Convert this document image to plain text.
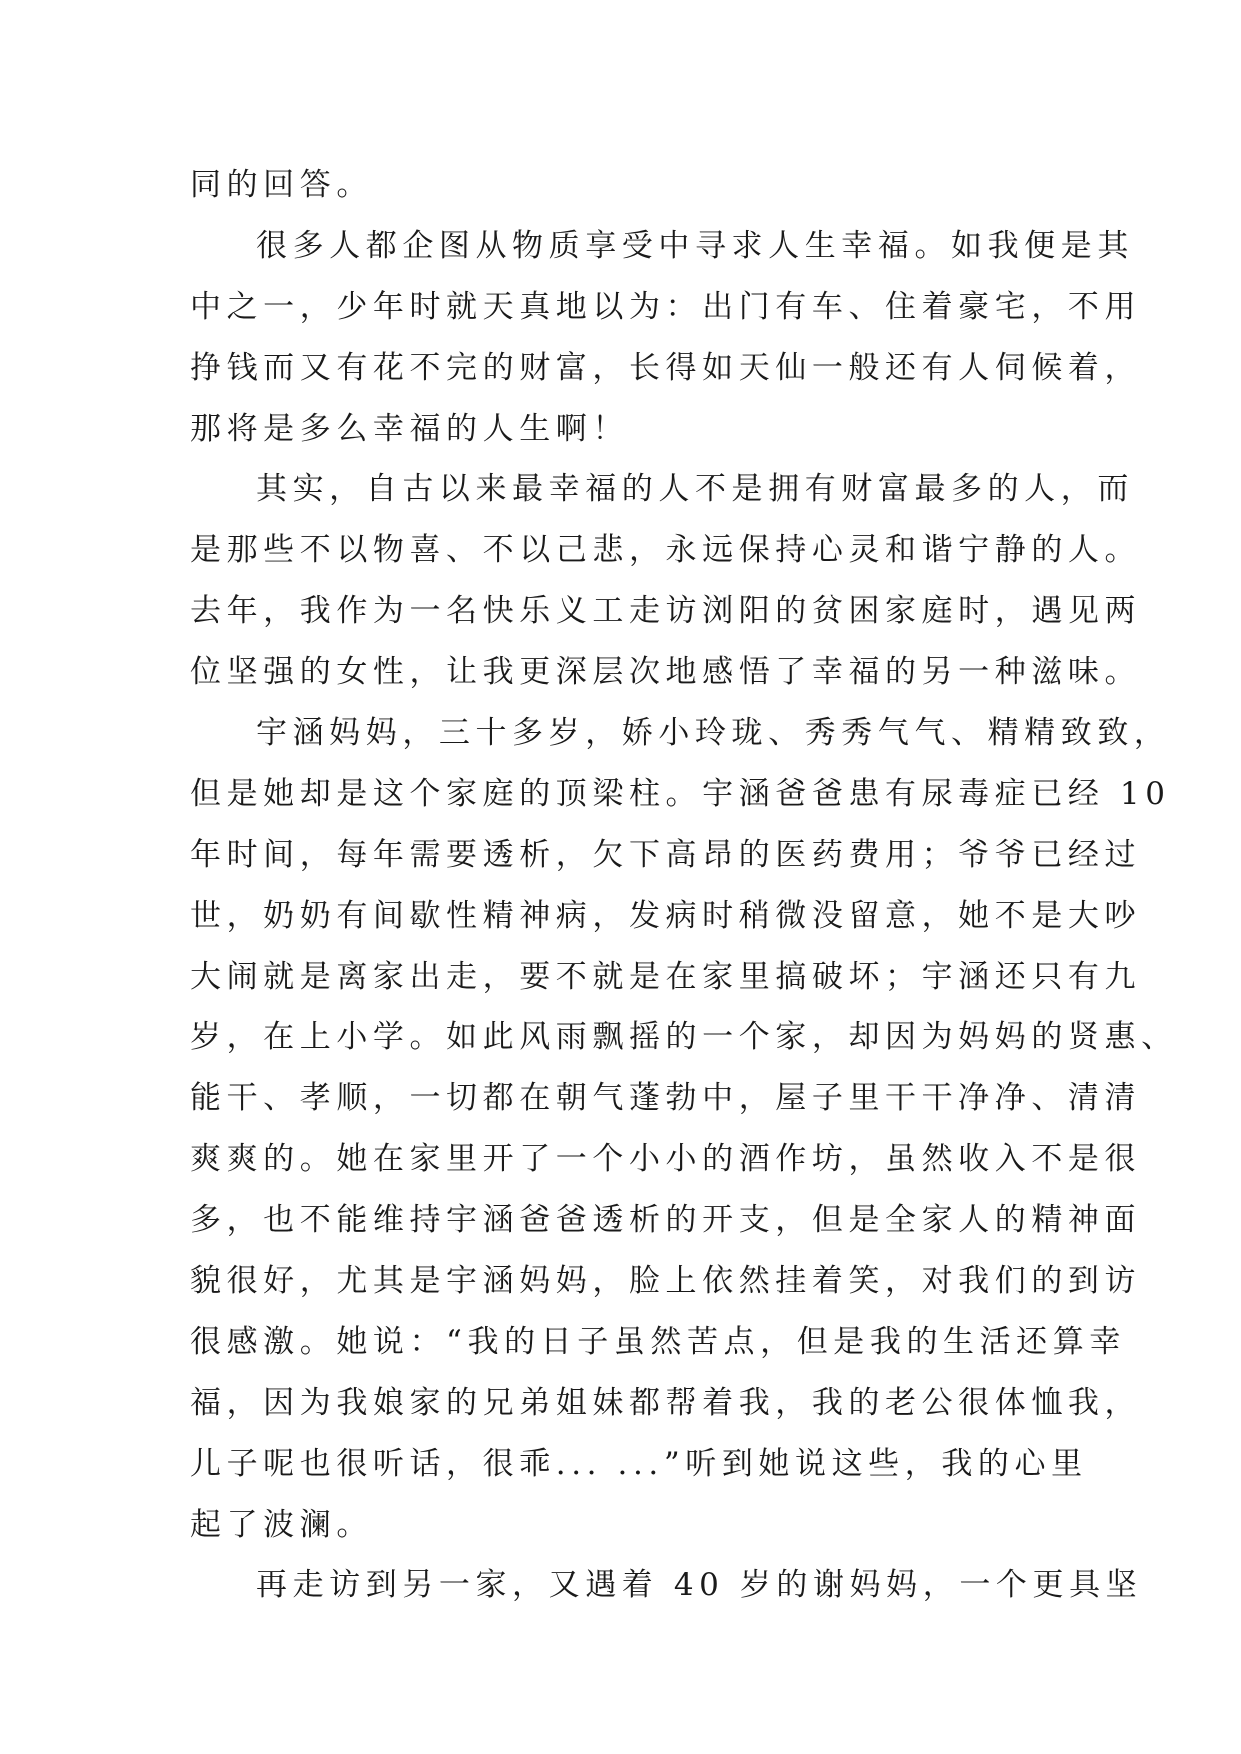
同的回答。
很多人都企图从物质享受中寻求人生幸福。如我便是其
中之一，少年时就天真地以为：出门有车、住着豪宅，不用
挣钱而又有花不完的财富，长得如天仙一般还有人伺候着，
那将是多么幸福的人生啊！
其实，自古以来最幸福的人不是拥有财富最多的人，而
是那些不以物喜、不以己悲，永远保持心灵和谐宁静的人。
去年，我作为一名快乐义工走访浏阳的贫困家庭时，遇见两
位坚强的女性，让我更深层次地感悟了幸福的另一种滋味。
宇涵妈妈，三十多岁，娇小玲珑、秀秀气气、精精致致，
但是她却是这个家庭的顶梁柱。宇涵爸爸患有尿毒症已经 10
年时间，每年需要透析，欠下高昂的医药费用；爷爷已经过
世，奶奶有间歇性精神病，发病时稍微没留意，她不是大吵
大闹就是离家出走，要不就是在家里搞破坏；宇涵还只有九
岁，在上小学。如此风雨飘摇的一个家，却因为妈妈的贤惠、
能干、孝顺，一切都在朝气蓬勃中，屋子里干干净净、清清
爽爽的。她在家里开了一个小小的酒作坊，虽然收入不是很
多，也不能维持宇涵爸爸透析的开支，但是全家人的精神面
貌很好，尤其是宇涵妈妈，脸上依然挂着笑，对我们的到访
很感激。她说：“我的日子虽然苦点，但是我的生活还算幸
福，因为我娘家的兄弟姐妹都帮着我，我的老公很体恤我，
儿子呢也很听话，很乖... ...”听到她说这些，我的心里
起了波澜。
再走访到另一家，又遇着 40 岁的谢妈妈，一个更具坚
